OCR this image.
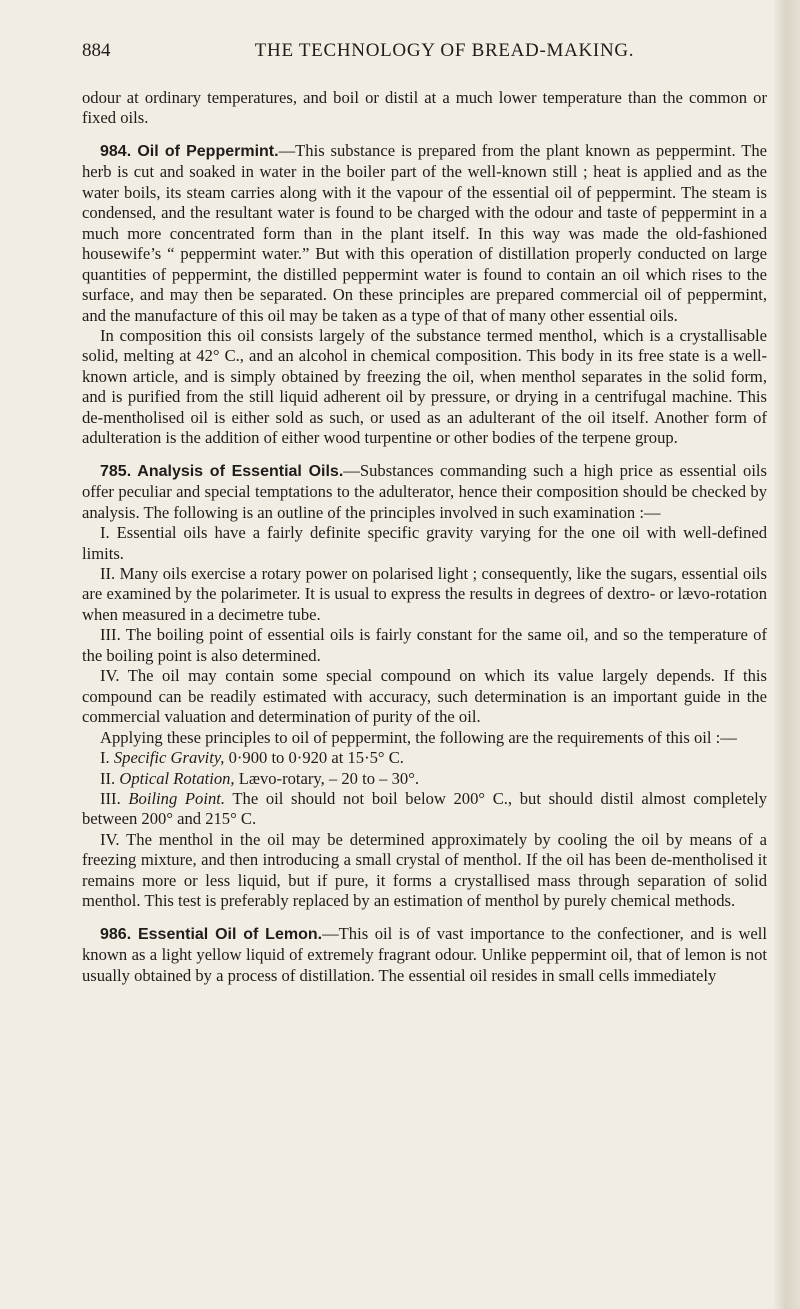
884	THE TECHNOLOGY OF BREAD-MAKING.

odour at ordinary temperatures, and boil or distil at a much lower temperature than the common or fixed oils.

984. Oil of Peppermint.—This substance is prepared from the plant known as peppermint. The herb is cut and soaked in water in the boiler part of the well-known still ; heat is applied and as the water boils, its steam carries along with it the vapour of the essential oil of peppermint. The steam is condensed, and the resultant water is found to be charged with the odour and taste of peppermint in a much more concentrated form than in the plant itself. In this way was made the old-fashioned housewife’s “ peppermint water.” But with this operation of distillation properly conducted on large quantities of peppermint, the distilled peppermint water is found to contain an oil which rises to the surface, and may then be separated. On these principles are prepared commercial oil of peppermint, and the manufacture of this oil may be taken as a type of that of many other essential oils.

In composition this oil consists largely of the substance termed menthol, which is a crystallisable solid, melting at 42° C., and an alcohol in chemical composition. This body in its free state is a well-known article, and is simply obtained by freezing the oil, when menthol separates in the solid form, and is purified from the still liquid adherent oil by pressure, or drying in a centrifugal machine. This de-mentholised oil is either sold as such, or used as an adulterant of the oil itself. Another form of adulteration is the addition of either wood turpentine or other bodies of the terpene group.

785. Analysis of Essential Oils.—Substances commanding such a high price as essential oils offer peculiar and special temptations to the adulterator, hence their composition should be checked by analysis. The following is an outline of the principles involved in such examination :—

I. Essential oils have a fairly definite specific gravity varying for the one oil with well-defined limits.

II. Many oils exercise a rotary power on polarised light ; consequently, like the sugars, essential oils are examined by the polarimeter. It is usual to express the results in degrees of dextro- or lævo-rotation when measured in a decimetre tube.

III. The boiling point of essential oils is fairly constant for the same oil, and so the temperature of the boiling point is also determined.

IV. The oil may contain some special compound on which its value largely depends. If this compound can be readily estimated with accuracy, such determination is an important guide in the commercial valuation and determination of purity of the oil.

Applying these principles to oil of peppermint, the following are the requirements of this oil :—

I. Specific Gravity, 0·900 to 0·920 at 15·5° C.

II. Optical Rotation, Lævo-rotary, – 20 to – 30°.

III. Boiling Point. The oil should not boil below 200° C., but should distil almost completely between 200° and 215° C.

IV. The menthol in the oil may be determined approximately by cooling the oil by means of a freezing mixture, and then introducing a small crystal of menthol. If the oil has been de-mentholised it remains more or less liquid, but if pure, it forms a crystallised mass through separation of solid menthol. This test is preferably replaced by an estimation of menthol by purely chemical methods.

986. Essential Oil of Lemon.—This oil is of vast importance to the confectioner, and is well known as a light yellow liquid of extremely fragrant odour. Unlike peppermint oil, that of lemon is not usually obtained by a process of distillation. The essential oil resides in small cells immediately
